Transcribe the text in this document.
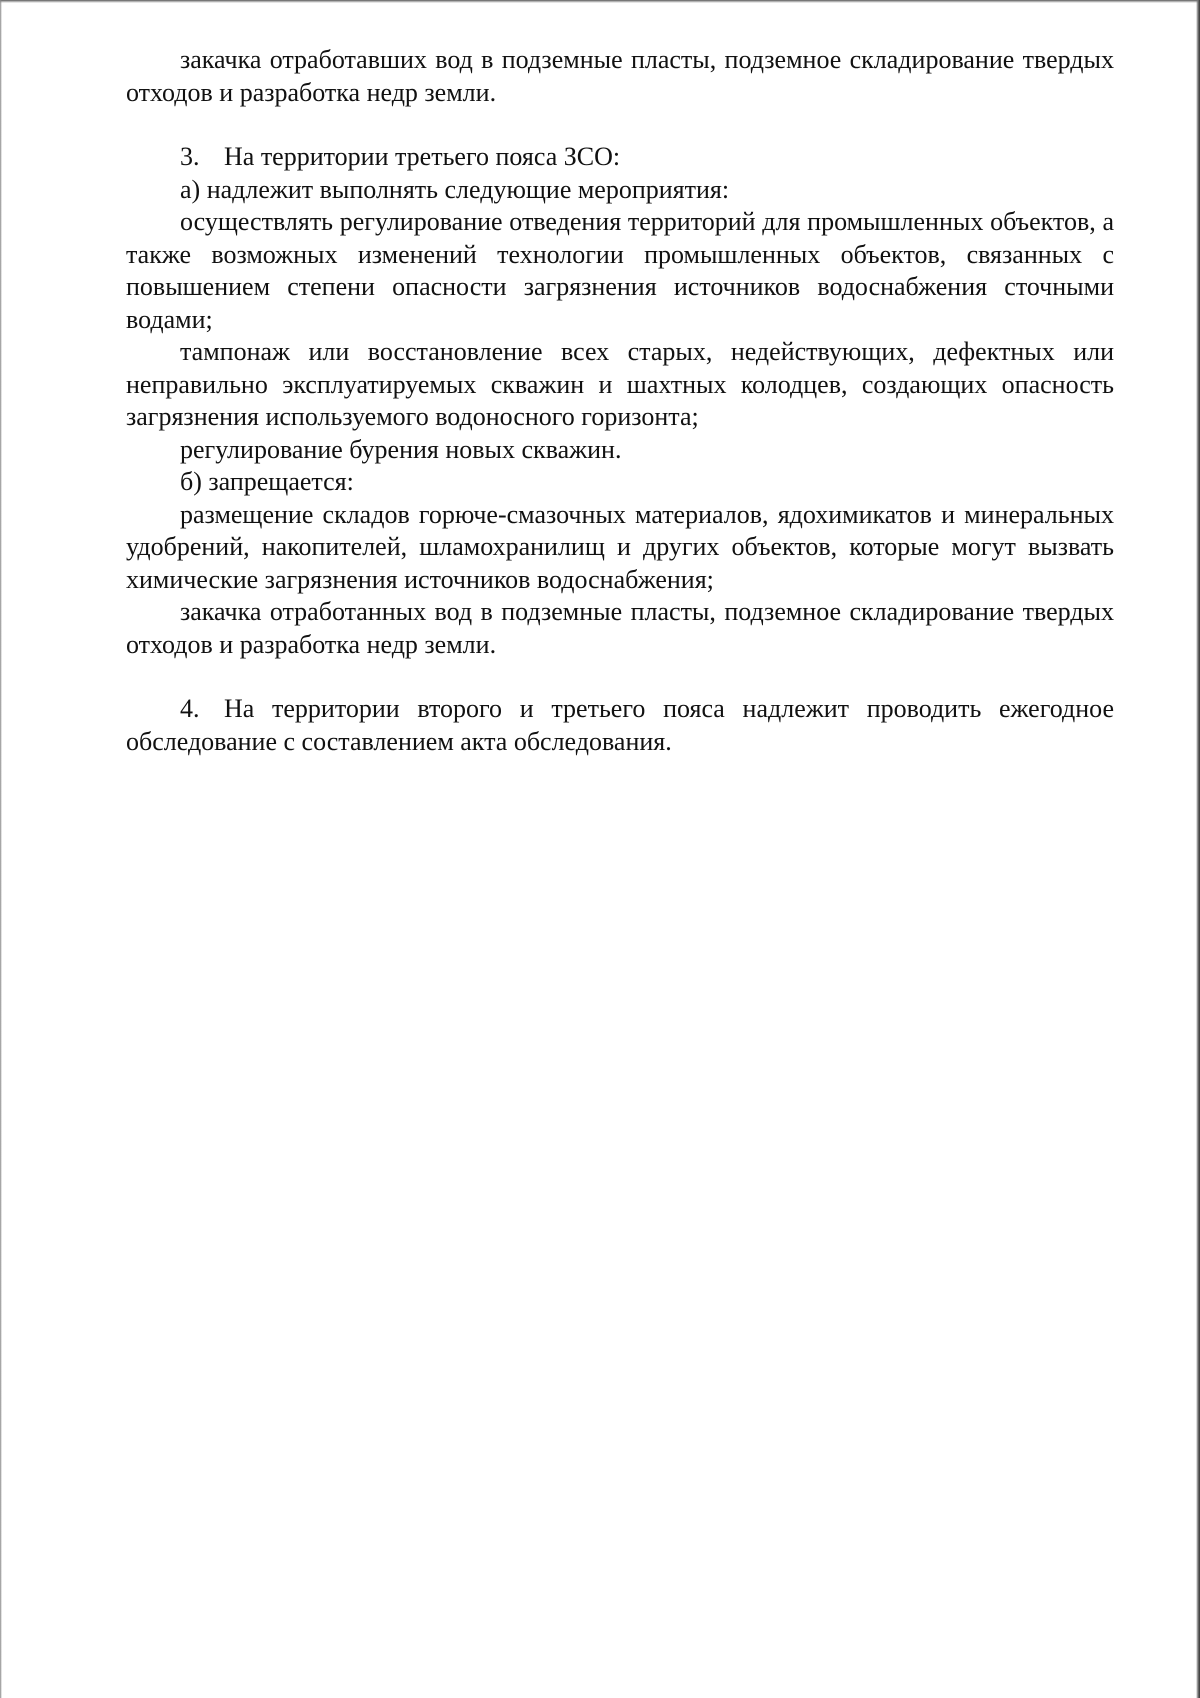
закачка отработавших вод в подземные пласты, подземное складирование твердых отходов и разработка недр земли.

3. На территории третьего пояса ЗСО:

а) надлежит выполнять следующие мероприятия:

осуществлять регулирование отведения территорий для промышленных объектов, а также возможных изменений технологии промышленных объектов, связанных с повышением степени опасности загрязнения источников водоснабжения сточными водами;

тампонаж или восстановление всех старых, недействующих, дефектных или неправильно эксплуатируемых скважин и шахтных колодцев, создающих опасность загрязнения используемого водоносного горизонта;

регулирование бурения новых скважин.

б) запрещается:

размещение складов горюче-смазочных материалов, ядохимикатов и минеральных удобрений, накопителей, шламохранилищ и других объектов, которые могут вызвать химические загрязнения источников водоснабжения;

закачка отработанных вод в подземные пласты, подземное складирование твердых отходов и разработка недр земли.

4. На территории второго и третьего пояса надлежит проводить ежегодное обследование с составлением акта обследования.
